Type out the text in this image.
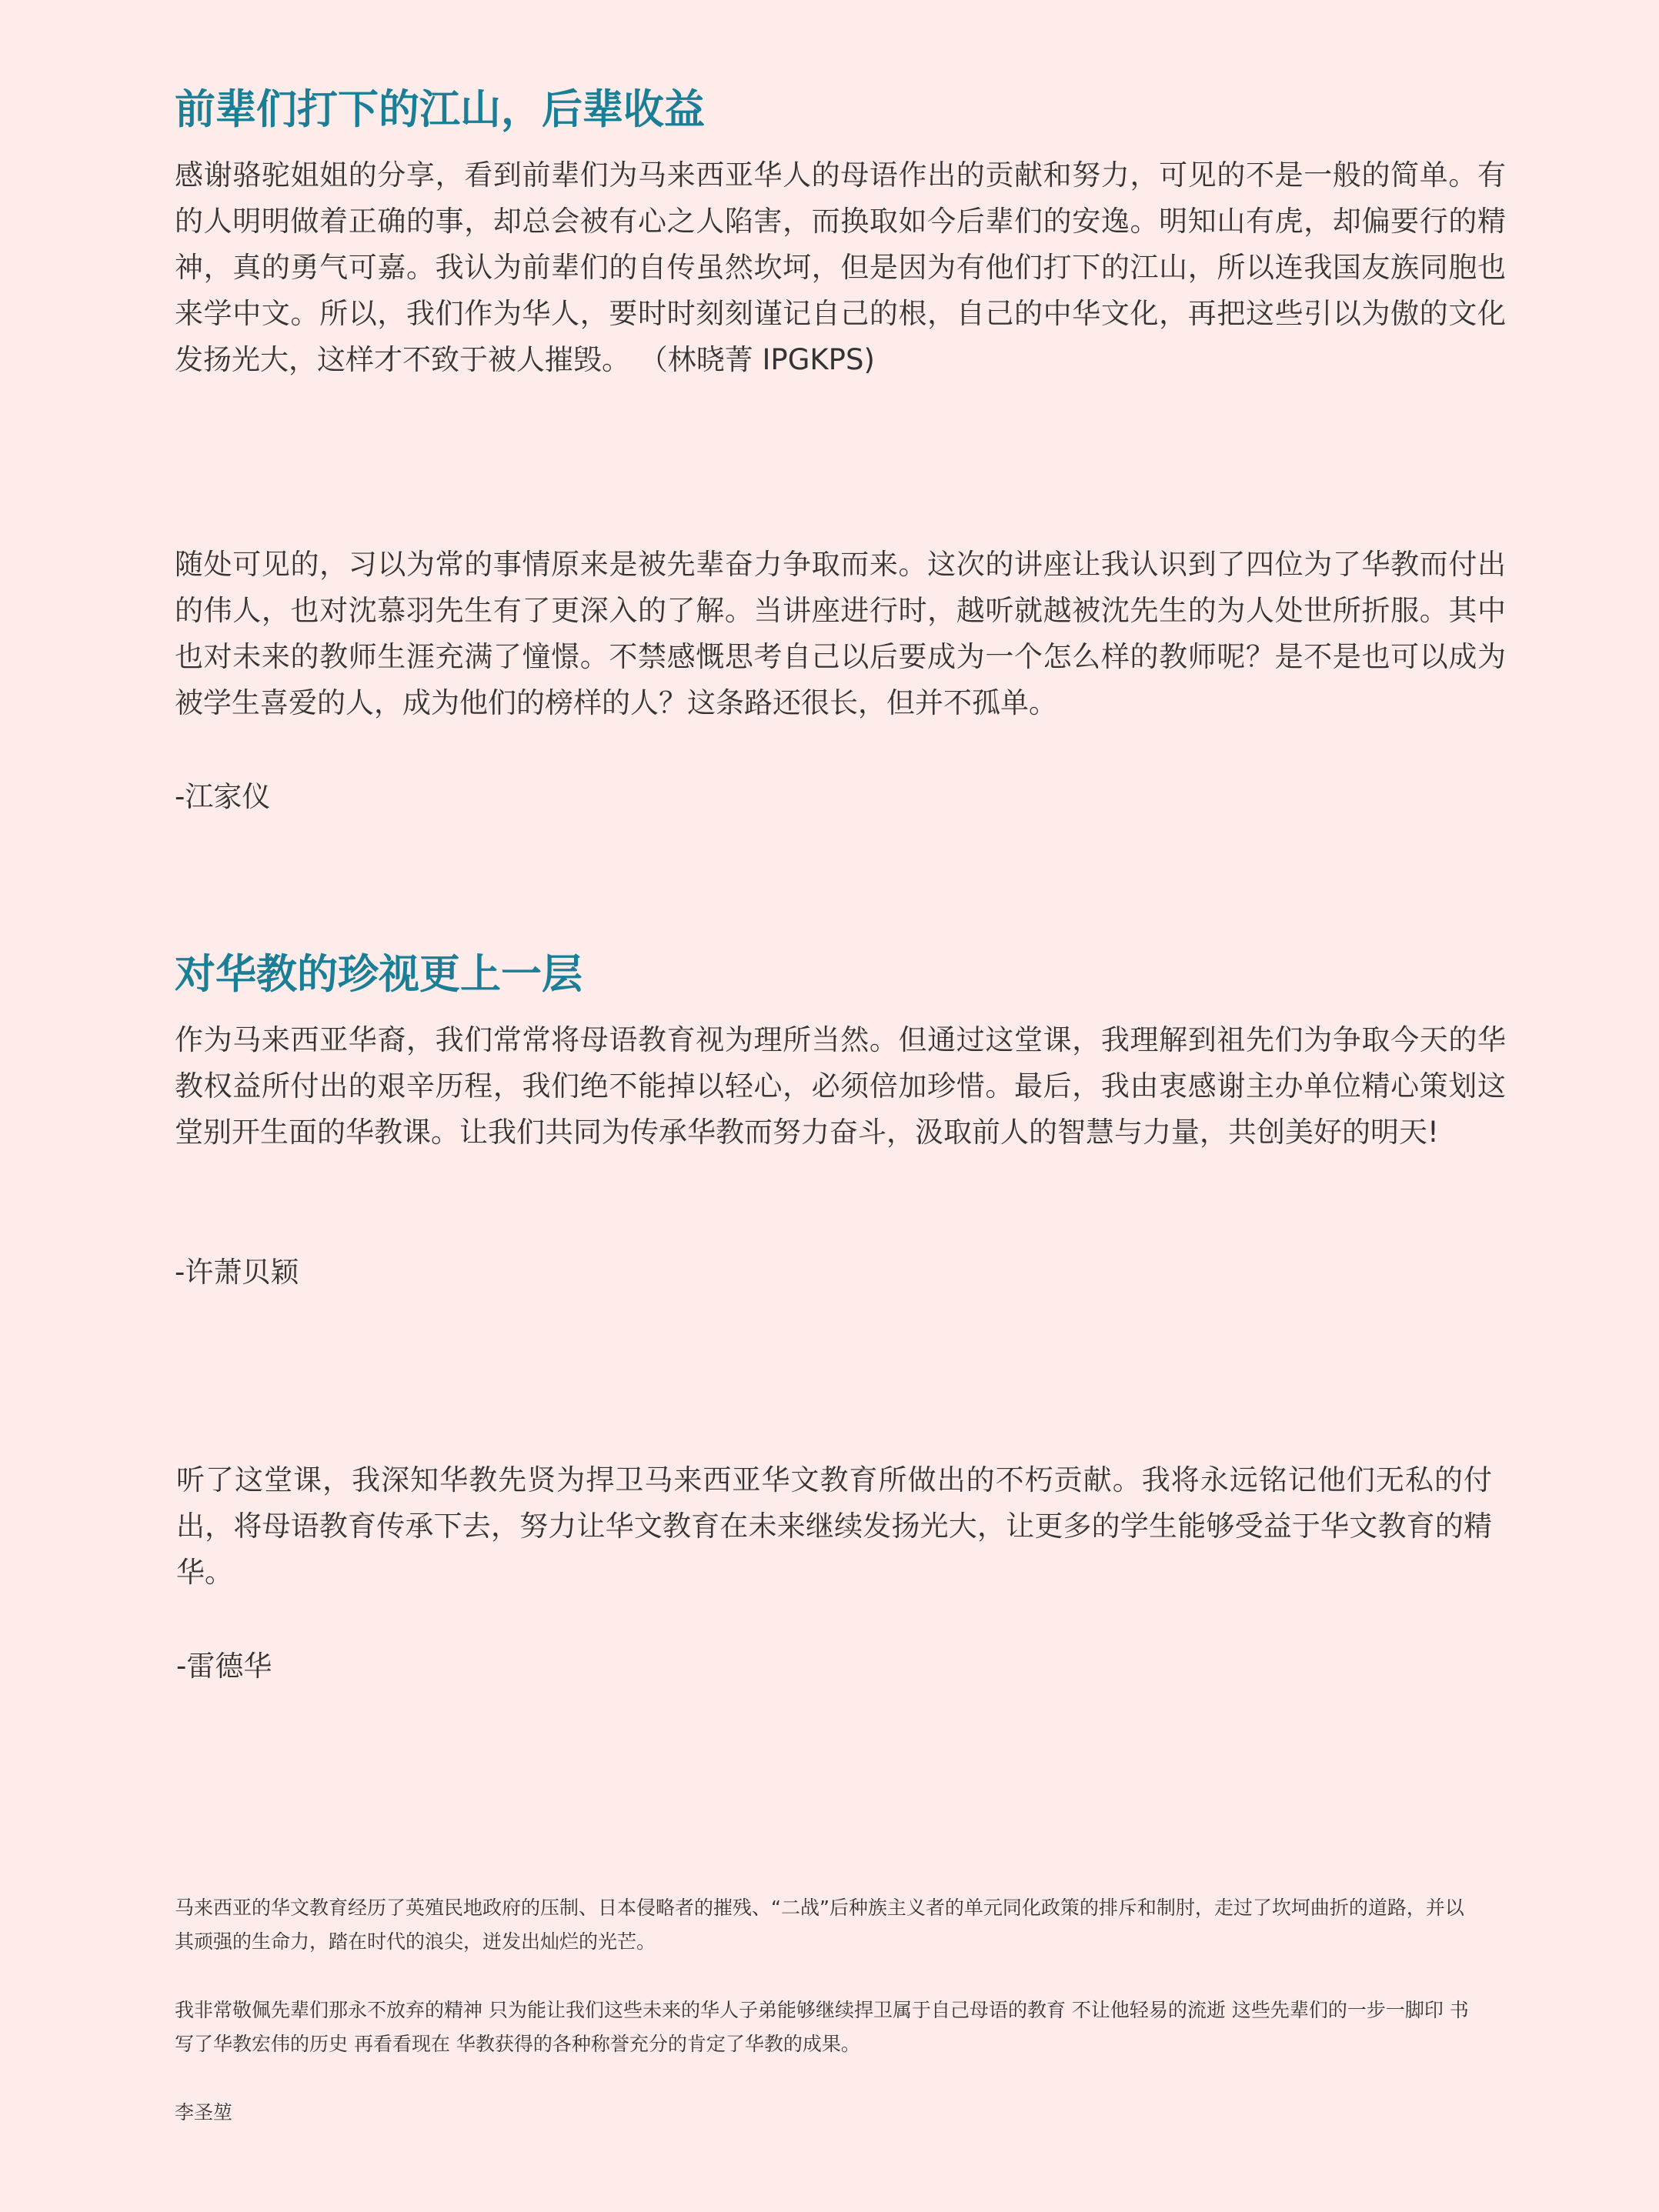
前辈们打下的江山，后辈收益

感谢骆驼姐姐的分享，看到前辈们为马来西亚华人的母语作出的贡献和努力，可见的不是一般的简单。有的人明明做着正确的事，却总会被有心之人陷害，而换取如今后辈们的安逸。明知山有虎，却偏要行的精神，真的勇气可嘉。我认为前辈们的自传虽然坎坷，但是因为有他们打下的江山，所以连我国友族同胞也来学中文。所以，我们作为华人，要时时刻刻谨记自己的根，自己的中华文化，再把这些引以为傲的文化发扬光大，这样才不致于被人摧毁。 （林晓菁 IPGKPS)

随处可见的，习以为常的事情原来是被先辈奋力争取而来。这次的讲座让我认识到了四位为了华教而付出的伟人，也对沈慕羽先生有了更深入的了解。当讲座进行时，越听就越被沈先生的为人处世所折服。其中也对未来的教师生涯充满了憧憬。不禁感慨思考自己以后要成为一个怎么样的教师呢？是不是也可以成为被学生喜爱的人，成为他们的榜样的人？这条路还很长，但并不孤单。

-江家仪

对华教的珍视更上一层

作为马来西亚华裔，我们常常将母语教育视为理所当然。但通过这堂课，我理解到祖先们为争取今天的华教权益所付出的艰辛历程，我们绝不能掉以轻心，必须倍加珍惜。最后，我由衷感谢主办单位精心策划这堂别开生面的华教课。让我们共同为传承华教而努力奋斗，汲取前人的智慧与力量，共创美好的明天!

-许萧贝颖

听了这堂课，我深知华教先贤为捍卫马来西亚华文教育所做出的不朽贡献。我将永远铭记他们无私的付出，将母语教育传承下去，努力让华文教育在未来继续发扬光大，让更多的学生能够受益于华文教育的精华。

-雷德华

马来西亚的华文教育经历了英殖民地政府的压制、日本侵略者的摧残、“二战”后种族主义者的单元同化政策的排斥和制肘，走过了坎坷曲折的道路，并以其顽强的生命力，踏在时代的浪尖，迸发出灿烂的光芒。

我非常敬佩先辈们那永不放弃的精神 只为能让我们这些未来的华人子弟能够继续捍卫属于自己母语的教育 不让他轻易的流逝 这些先辈们的一步一脚印 书写了华教宏伟的历史 再看看现在 华教获得的各种称誉充分的肯定了华教的成果。

李圣堃
